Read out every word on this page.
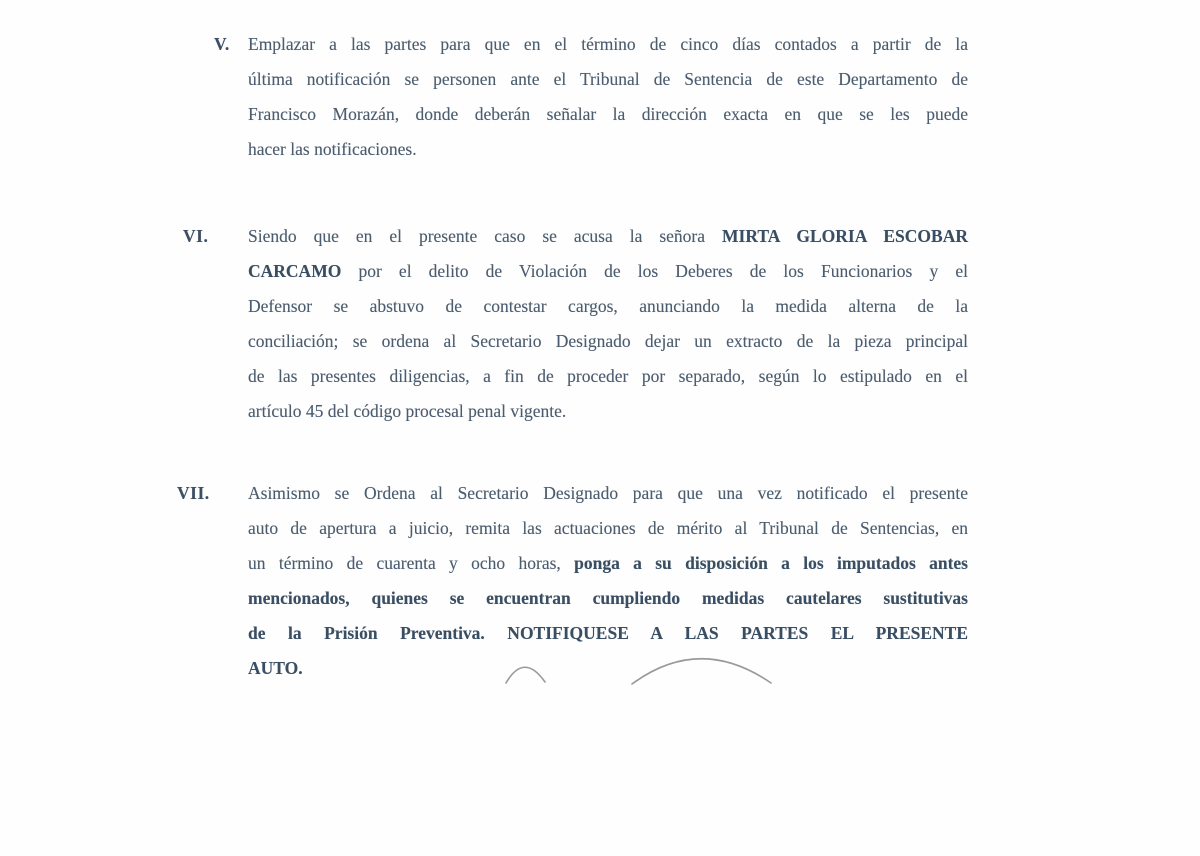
V. Emplazar a las partes para que en el término de cinco días contados a partir de la
última notificación se personen ante el Tribunal de Sentencia de este Departamento de
Francisco Morazán, donde deberán señalar la dirección exacta en que se les puede
hacer las notificaciones.
VI. Siendo que en el presente caso se acusa la señora MIRTA GLORIA ESCOBAR
CARCAMO por el delito de Violación de los Deberes de los Funcionarios y el
Defensor se abstuvo de contestar cargos, anunciando la medida alterna de la
conciliación; se ordena al Secretario Designado dejar un extracto de la pieza principal
de las presentes diligencias, a fin de proceder por separado, según lo estipulado en el
artículo 45 del código procesal penal vigente.
VII. Asimismo se Ordena al Secretario Designado para que una vez notificado el presente
auto de apertura a juicio, remita las actuaciones de mérito al Tribunal de Sentencias, en
un término de cuarenta y ocho horas, ponga a su disposición a los imputados antes
mencionados, quienes se encuentran cumpliendo medidas cautelares sustitutivas
de la Prisión Preventiva. NOTIFIQUESE A LAS PARTES EL PRESENTE
AUTO.
